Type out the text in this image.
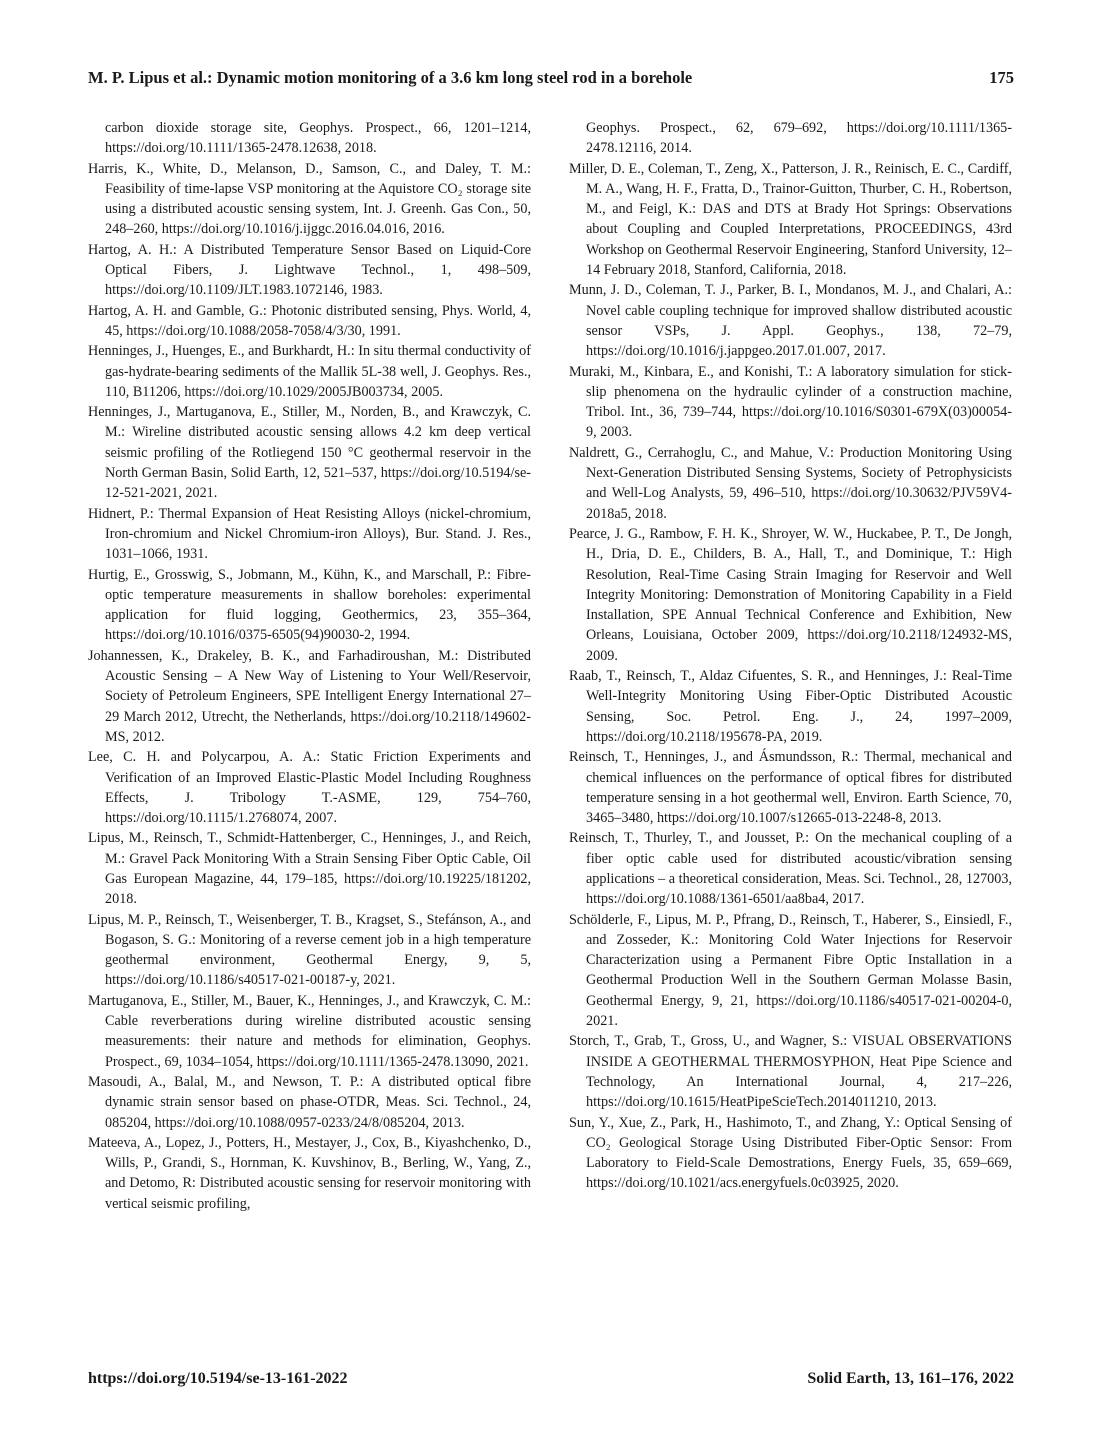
M. P. Lipus et al.: Dynamic motion monitoring of a 3.6 km long steel rod in a borehole	175

carbon dioxide storage site, Geophys. Prospect., 66, 1201–1214, https://doi.org/10.1111/1365-2478.12638, 2018.

Harris, K., White, D., Melanson, D., Samson, C., and Daley, T. M.: Feasibility of time-lapse VSP monitoring at the Aquistore CO₂ storage site using a distributed acoustic sensing system, Int. J. Greenh. Gas Con., 50, 248–260, https://doi.org/10.1016/j.ijggc.2016.04.016, 2016.

Hartog, A. H.: A Distributed Temperature Sensor Based on Liquid-Core Optical Fibers, J. Lightwave Technol., 1, 498–509, https://doi.org/10.1109/JLT.1983.1072146, 1983.

Hartog, A. H. and Gamble, G.: Photonic distributed sensing, Phys. World, 4, 45, https://doi.org/10.1088/2058-7058/4/3/30, 1991.

Henninges, J., Huenges, E., and Burkhardt, H.: In situ thermal conductivity of gas-hydrate-bearing sediments of the Mallik 5L-38 well, J. Geophys. Res., 110, B11206, https://doi.org/10.1029/2005JB003734, 2005.

Henninges, J., Martuganova, E., Stiller, M., Norden, B., and Krawczyk, C. M.: Wireline distributed acoustic sensing allows 4.2 km deep vertical seismic profiling of the Rotliegend 150 °C geothermal reservoir in the North German Basin, Solid Earth, 12, 521–537, https://doi.org/10.5194/se-12-521-2021, 2021.

Hidnert, P.: Thermal Expansion of Heat Resisting Alloys (nickel-chromium, Iron-chromium and Nickel Chromium-iron Alloys), Bur. Stand. J. Res., 1031–1066, 1931.

Hurtig, E., Grosswig, S., Jobmann, M., Kühn, K., and Marschall, P.: Fibre-optic temperature measurements in shallow boreholes: experimental application for fluid logging, Geothermics, 23, 355–364, https://doi.org/10.1016/0375-6505(94)90030-2, 1994.

Johannessen, K., Drakeley, B. K., and Farhadiroushan, M.: Distributed Acoustic Sensing – A New Way of Listening to Your Well/Reservoir, Society of Petroleum Engineers, SPE Intelligent Energy International 27–29 March 2012, Utrecht, the Netherlands, https://doi.org/10.2118/149602-MS, 2012.

Lee, C. H. and Polycarpou, A. A.: Static Friction Experiments and Verification of an Improved Elastic-Plastic Model Including Roughness Effects, J. Tribology T.-ASME, 129, 754–760, https://doi.org/10.1115/1.2768074, 2007.

Lipus, M., Reinsch, T., Schmidt-Hattenberger, C., Henninges, J., and Reich, M.: Gravel Pack Monitoring With a Strain Sensing Fiber Optic Cable, Oil Gas European Magazine, 44, 179–185, https://doi.org/10.19225/181202, 2018.

Lipus, M. P., Reinsch, T., Weisenberger, T. B., Kragset, S., Stefánson, A., and Bogason, S. G.: Monitoring of a reverse cement job in a high temperature geothermal environment, Geothermal Energy, 9, 5, https://doi.org/10.1186/s40517-021-00187-y, 2021.

Martuganova, E., Stiller, M., Bauer, K., Henninges, J., and Krawczyk, C. M.: Cable reverberations during wireline distributed acoustic sensing measurements: their nature and methods for elimination, Geophys. Prospect., 69, 1034–1054, https://doi.org/10.1111/1365-2478.13090, 2021.

Masoudi, A., Balal, M., and Newson, T. P.: A distributed optical fibre dynamic strain sensor based on phase-OTDR, Meas. Sci. Technol., 24, 085204, https://doi.org/10.1088/0957-0233/24/8/085204, 2013.

Mateeva, A., Lopez, J., Potters, H., Mestayer, J., Cox, B., Kiyashchenko, D., Wills, P., Grandi, S., Hornman, K. Kuvshinov, B., Berling, W., Yang, Z., and Detomo, R: Distributed acoustic sensing for reservoir monitoring with vertical seismic profiling,

Geophys. Prospect., 62, 679–692, https://doi.org/10.1111/1365-2478.12116, 2014.

Miller, D. E., Coleman, T., Zeng, X., Patterson, J. R., Reinisch, E. C., Cardiff, M. A., Wang, H. F., Fratta, D., Trainor-Guitton, Thurber, C. H., Robertson, M., and Feigl, K.: DAS and DTS at Brady Hot Springs: Observations about Coupling and Coupled Interpretations, PROCEEDINGS, 43rd Workshop on Geothermal Reservoir Engineering, Stanford University, 12–14 February 2018, Stanford, California, 2018.

Munn, J. D., Coleman, T. J., Parker, B. I., Mondanos, M. J., and Chalari, A.: Novel cable coupling technique for improved shallow distributed acoustic sensor VSPs, J. Appl. Geophys., 138, 72–79, https://doi.org/10.1016/j.jappgeo.2017.01.007, 2017.

Muraki, M., Kinbara, E., and Konishi, T.: A laboratory simulation for stick-slip phenomena on the hydraulic cylinder of a construction machine, Tribol. Int., 36, 739–744, https://doi.org/10.1016/S0301-679X(03)00054-9, 2003.

Naldrett, G., Cerrahoglu, C., and Mahue, V.: Production Monitoring Using Next-Generation Distributed Sensing Systems, Society of Petrophysicists and Well-Log Analysts, 59, 496–510, https://doi.org/10.30632/PJV59V4-2018a5, 2018.

Pearce, J. G., Rambow, F. H. K., Shroyer, W. W., Huckabee, P. T., De Jongh, H., Dria, D. E., Childers, B. A., Hall, T., and Dominique, T.: High Resolution, Real-Time Casing Strain Imaging for Reservoir and Well Integrity Monitoring: Demonstration of Monitoring Capability in a Field Installation, SPE Annual Technical Conference and Exhibition, New Orleans, Louisiana, October 2009, https://doi.org/10.2118/124932-MS, 2009.

Raab, T., Reinsch, T., Aldaz Cifuentes, S. R., and Henninges, J.: Real-Time Well-Integrity Monitoring Using Fiber-Optic Distributed Acoustic Sensing, Soc. Petrol. Eng. J., 24, 1997–2009, https://doi.org/10.2118/195678-PA, 2019.

Reinsch, T., Henninges, J., and Ásmundsson, R.: Thermal, mechanical and chemical influences on the performance of optical fibres for distributed temperature sensing in a hot geothermal well, Environ. Earth Science, 70, 3465–3480, https://doi.org/10.1007/s12665-013-2248-8, 2013.

Reinsch, T., Thurley, T., and Jousset, P.: On the mechanical coupling of a fiber optic cable used for distributed acoustic/vibration sensing applications – a theoretical consideration, Meas. Sci. Technol., 28, 127003, https://doi.org/10.1088/1361-6501/aa8ba4, 2017.

Schölderle, F., Lipus, M. P., Pfrang, D., Reinsch, T., Haberer, S., Einsiedl, F., and Zosseder, K.: Monitoring Cold Water Injections for Reservoir Characterization using a Permanent Fibre Optic Installation in a Geothermal Production Well in the Southern German Molasse Basin, Geothermal Energy, 9, 21, https://doi.org/10.1186/s40517-021-00204-0, 2021.

Storch, T., Grab, T., Gross, U., and Wagner, S.: VISUAL OBSERVATIONS INSIDE A GEOTHERMAL THERMOSYPHON, Heat Pipe Science and Technology, An International Journal, 4, 217–226, https://doi.org/10.1615/HeatPipeScieTech.2014011210, 2013.

Sun, Y., Xue, Z., Park, H., Hashimoto, T., and Zhang, Y.: Optical Sensing of CO₂ Geological Storage Using Distributed Fiber-Optic Sensor: From Laboratory to Field-Scale Demostrations, Energy Fuels, 35, 659–669, https://doi.org/10.1021/acs.energyfuels.0c03925, 2020.

https://doi.org/10.5194/se-13-161-2022	Solid Earth, 13, 161–176, 2022
